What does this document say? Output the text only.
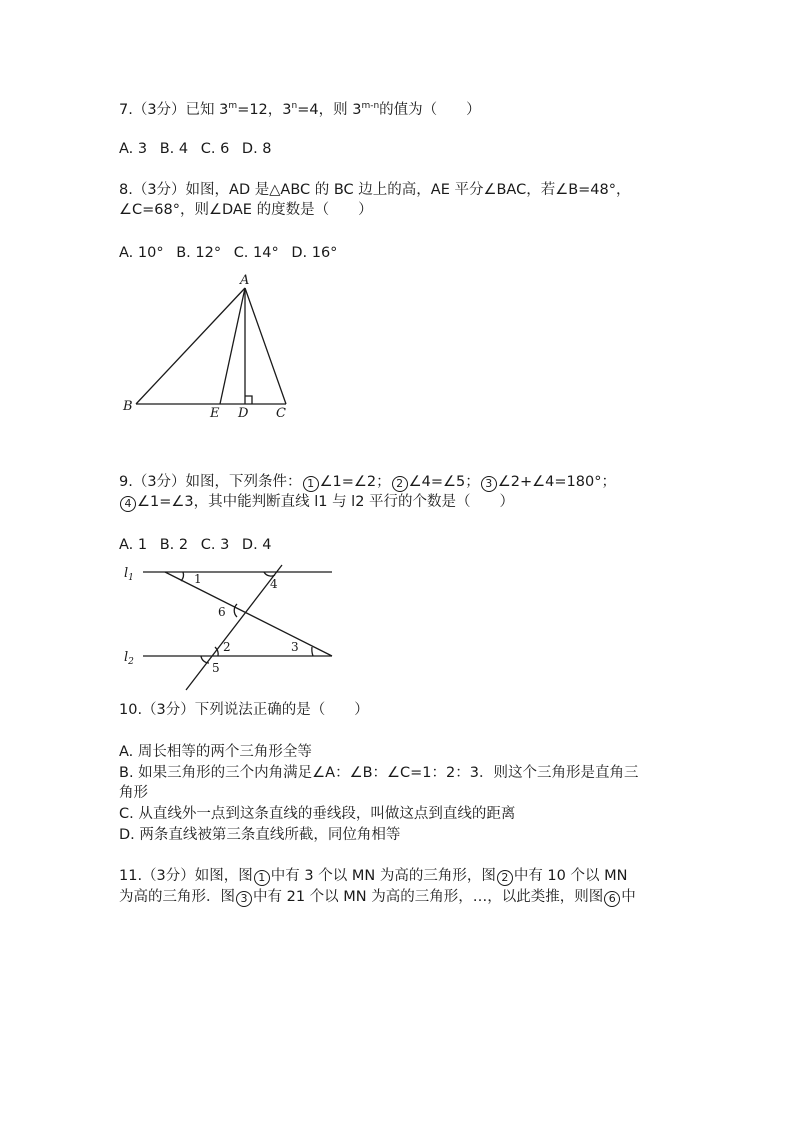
7.（3分）已知 $3^m=12$，$3^n=4$，则 3$^{m-n}$的值为（　　）
A. 3 B. 4 C. 6 D. 8
8.（3分）如图，AD 是△ABC 的 BC 边上的高，AE 平分∠BAC，若∠B=48°，
∠C=68°，则∠DAE 的度数是（　　）
A. 10° B. 12° C. 14° D. 16°
A
B	E D C
9.（3分）如图，下列条件： 1 ∠1=∠2； 2 ∠4=∠5； 3 ∠2+∠4=180°；
4 ∠1=∠3，其中能判断直线 l1 与 l2 平行的个数是（　　）
A. 1 B. 2 C. 3 D. 4
$l_1$
$l_2$
1	4
6
2	3
5
10.（3分）下列说法正确的是（　　）
A. 周长相等的两个三角形全等
B. 如果三角形的三个内角满足∠A：∠B：∠C=1：2：3．则这个三角形是直角三
角形
C. 从直线外一点到这条直线的垂线段，叫做这点到直线的距离
D. 两条直线被第三条直线所截，同位角相等
11.（3分）如图，图 1 中有 3 个以 MN 为高的三角形，图 2 中有 10 个以 MN
为高的三角形．图 3 中有 21 个以 MN 为高的三角形，…，以此类推，则图 6 中
